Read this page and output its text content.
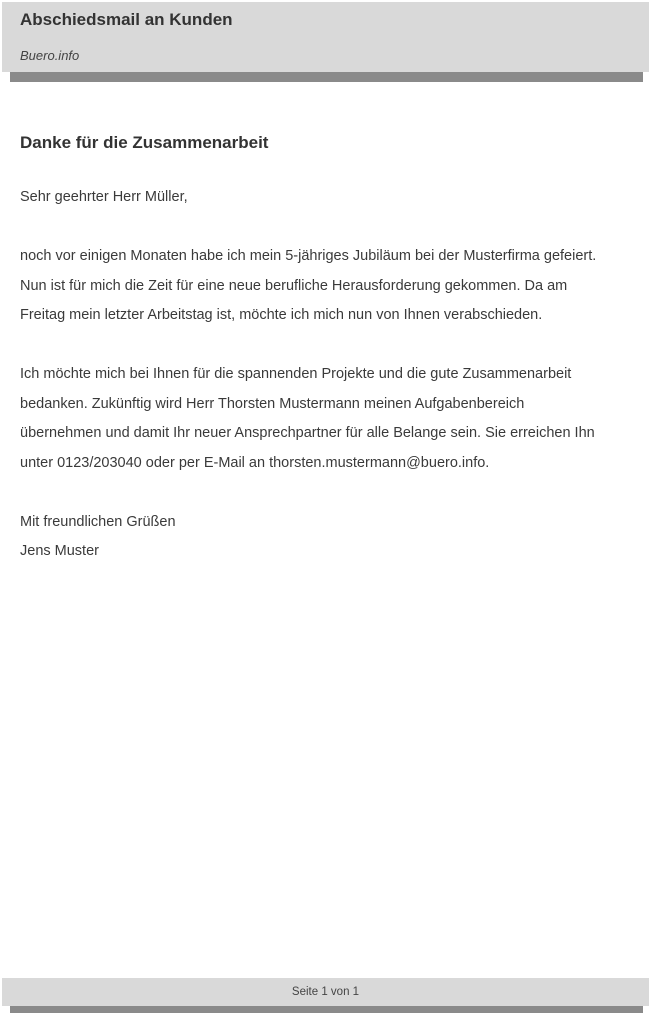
Abschiedsmail an Kunden
Buero.info
Danke für die Zusammenarbeit

Sehr geehrter Herr Müller,

noch vor einigen Monaten habe ich mein 5-jähriges Jubiläum bei der Musterfirma gefeiert.
Nun ist für mich die Zeit für eine neue berufliche Herausforderung gekommen. Da am
Freitag mein letzter Arbeitstag ist, möchte ich mich nun von Ihnen verabschieden.

Ich möchte mich bei Ihnen für die spannenden Projekte und die gute Zusammenarbeit
bedanken. Zukünftig wird Herr Thorsten Mustermann meinen Aufgabenbereich
übernehmen und damit Ihr neuer Ansprechpartner für alle Belange sein. Sie erreichen Ihn
unter 0123/203040 oder per E-Mail an thorsten.mustermann@buero.info.

Mit freundlichen Grüßen
Jens Muster

Seite 1 von 1
